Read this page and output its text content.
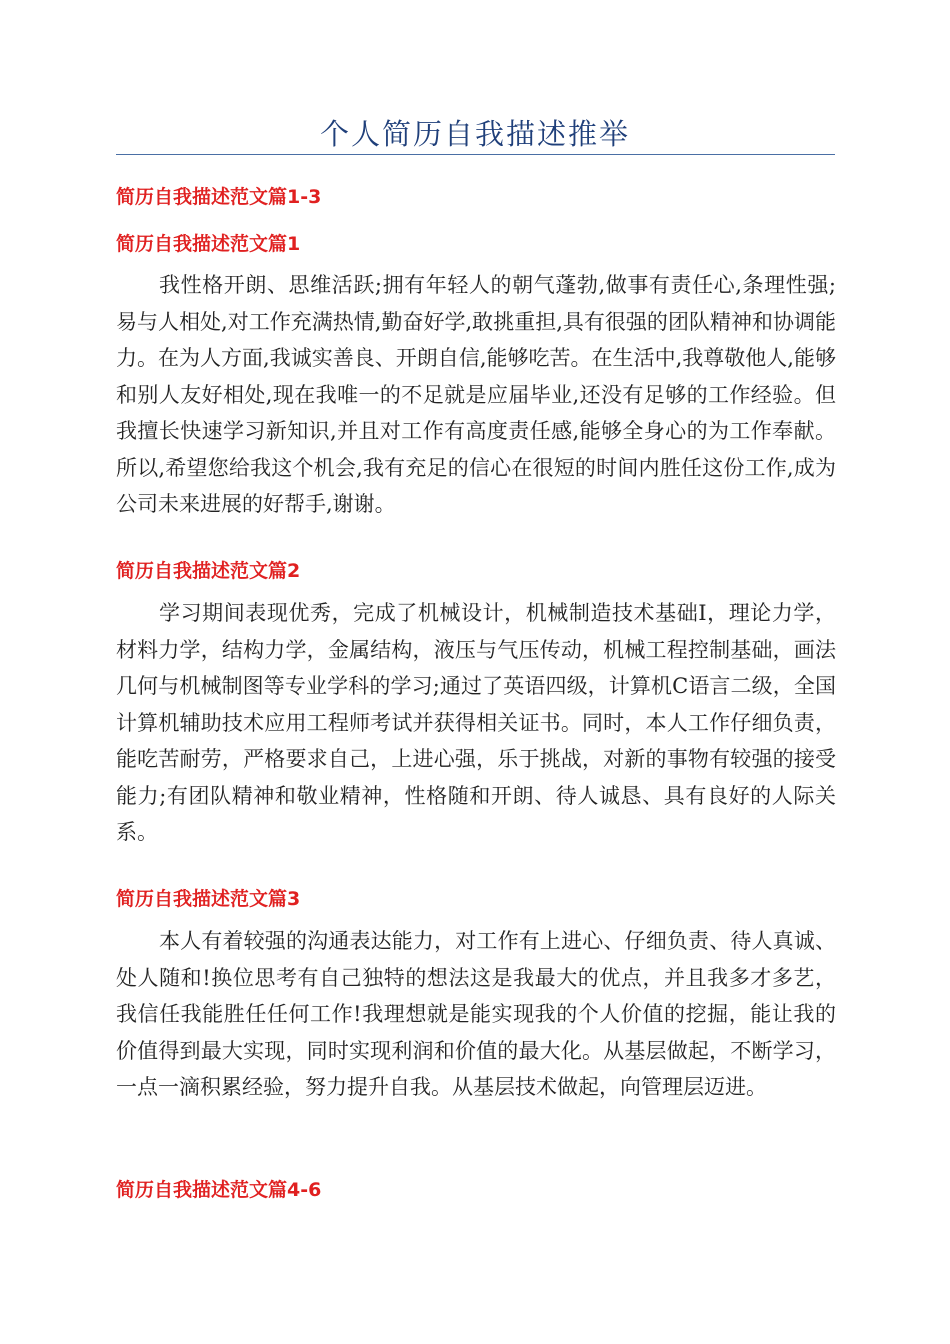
个人简历自我描述推举
简历自我描述范文篇1-3
简历自我描述范文篇1

我性格开朗、思维活跃;拥有年轻人的朝气蓬勃,做事有责任心,条理性强;易与人相处,对工作充满热情,勤奋好学,敢挑重担,具有很强的团队精神和协调能力。在为人方面,我诚实善良、开朗自信,能够吃苦。在生活中,我尊敬他人,能够和别人友好相处,现在我唯一的不足就是应届毕业,还没有足够的工作经验。但我擅长快速学习新知识,并且对工作有高度责任感,能够全身心的为工作奉献。所以,希望您给我这个机会,我有充足的信心在很短的时间内胜任这份工作,成为公司未来进展的好帮手,谢谢。

简历自我描述范文篇2

学习期间表现优秀，完成了机械设计，机械制造技术基础Ⅰ，理论力学，材料力学，结构力学，金属结构，液压与气压传动，机械工程控制基础，画法几何与机械制图等专业学科的学习;通过了英语四级，计算机C语言二级，全国计算机辅助技术应用工程师考试并获得相关证书。同时，本人工作仔细负责，能吃苦耐劳，严格要求自己，上进心强，乐于挑战，对新的事物有较强的接受能力;有团队精神和敬业精神，性格随和开朗、待人诚恳、具有良好的人际关系。

简历自我描述范文篇3

本人有着较强的沟通表达能力，对工作有上进心、仔细负责、待人真诚、处人随和!换位思考有自己独特的想法这是我最大的优点，并且我多才多艺，我信任我能胜任任何工作!我理想就是能实现我的个人价值的挖掘，能让我的价值得到最大实现，同时实现利润和价值的最大化。从基层做起，不断学习，一点一滴积累经验，努力提升自我。从基层技术做起，向管理层迈进。

简历自我描述范文篇4-6
